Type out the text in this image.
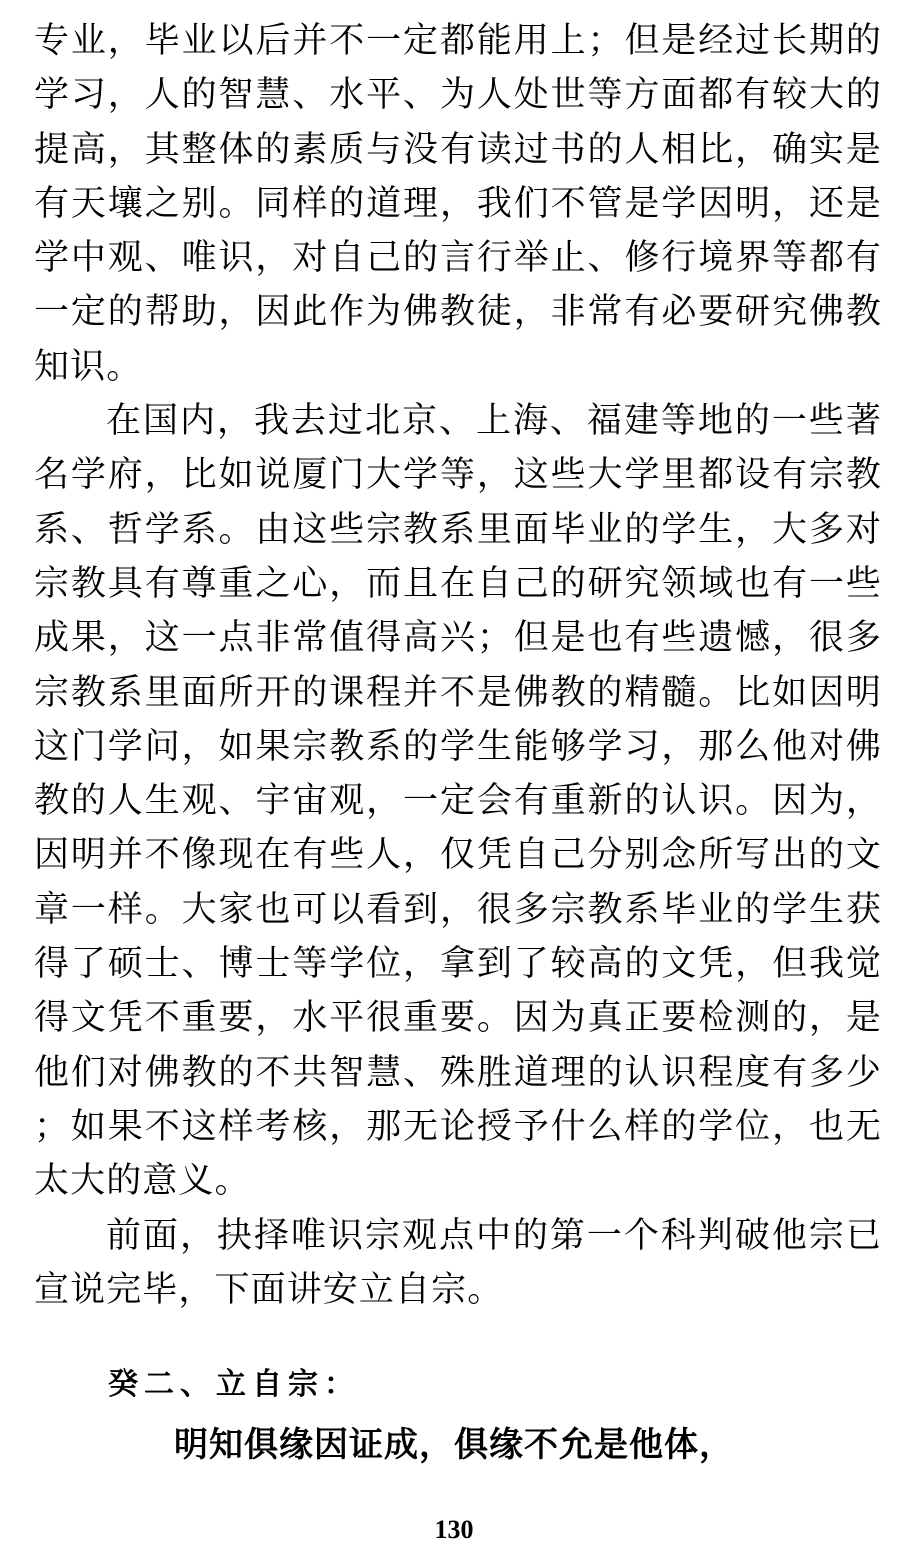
专业，毕业以后并不一定都能用上；但是经过长期的学习，人的智慧、水平、为人处世等方面都有较大的提高，其整体的素质与没有读过书的人相比，确实是有天壤之别。同样的道理，我们不管是学因明，还是学中观、唯识，对自己的言行举止、修行境界等都有一定的帮助，因此作为佛教徒，非常有必要研究佛教知识。

在国内，我去过北京、上海、福建等地的一些著名学府，比如说厦门大学等，这些大学里都设有宗教系、哲学系。由这些宗教系里面毕业的学生，大多对宗教具有尊重之心，而且在自己的研究领域也有一些成果，这一点非常值得高兴；但是也有些遗憾，很多宗教系里面所开的课程并不是佛教的精髓。比如因明这门学问，如果宗教系的学生能够学习，那么他对佛教的人生观、宇宙观，一定会有重新的认识。因为，因明并不像现在有些人，仅凭自己分别念所写出的文章一样。大家也可以看到，很多宗教系毕业的学生获得了硕士、博士等学位，拿到了较高的文凭，但我觉得文凭不重要，水平很重要。因为真正要检测的，是他们对佛教的不共智慧、殊胜道理的认识程度有多少；如果不这样考核，那无论授予什么样的学位，也无太大的意义。

前面，抉择唯识宗观点中的第一个科判破他宗已宣说完毕，下面讲安立自宗。

癸二、立自宗：
明知俱缘因证成，俱缘不允是他体，
130
